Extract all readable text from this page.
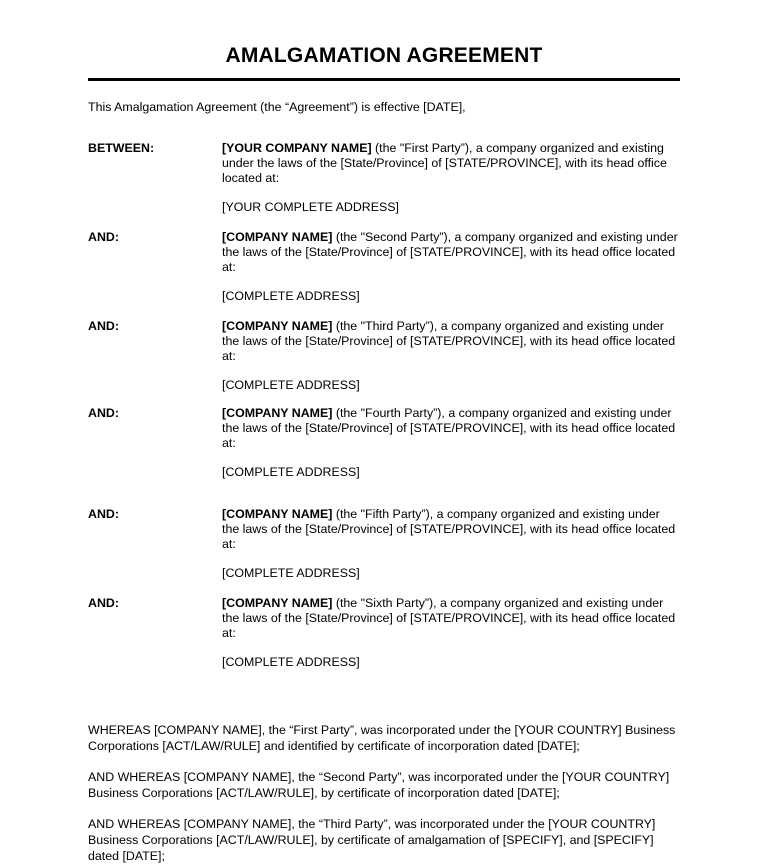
AMALGAMATION AGREEMENT
This Amalgamation Agreement (the “Agreement”) is effective [DATE],
BETWEEN:	[YOUR COMPANY NAME] (the "First Party”), a company organized and existing under the laws of the [State/Province] of [STATE/PROVINCE], with its head office located at:
[YOUR COMPLETE ADDRESS]
AND:	[COMPANY NAME] (the "Second Party”), a company organized and existing under the laws of the [State/Province] of [STATE/PROVINCE], with its head office located at:
[COMPLETE ADDRESS]
AND:	[COMPANY NAME] (the "Third Party”), a company organized and existing under the laws of the [State/Province] of [STATE/PROVINCE], with its head office located at:
[COMPLETE ADDRESS]
AND:	[COMPANY NAME] (the "Fourth Party”), a company organized and existing under the laws of the [State/Province] of [STATE/PROVINCE], with its head office located at:
[COMPLETE ADDRESS]
AND:	[COMPANY NAME] (the "Fifth Party”), a company organized and existing under the laws of the [State/Province] of [STATE/PROVINCE], with its head office located at:
[COMPLETE ADDRESS]
AND:	[COMPANY NAME] (the "Sixth Party”), a company organized and existing under the laws of the [State/Province] of [STATE/PROVINCE], with its head office located at:
[COMPLETE ADDRESS]

WHEREAS [COMPANY NAME], the “First Party”, was incorporated under the [YOUR COUNTRY] Business Corporations [ACT/LAW/RULE] and identified by certificate of incorporation dated [DATE];

AND WHEREAS [COMPANY NAME], the “Second Party”, was incorporated under the [YOUR COUNTRY] Business Corporations [ACT/LAW/RULE], by certificate of incorporation dated [DATE];

AND WHEREAS [COMPANY NAME], the “Third Party”, was incorporated under the [YOUR COUNTRY] Business Corporations [ACT/LAW/RULE], by certificate of amalgamation of [SPECIFY], and [SPECIFY] dated [DATE];
